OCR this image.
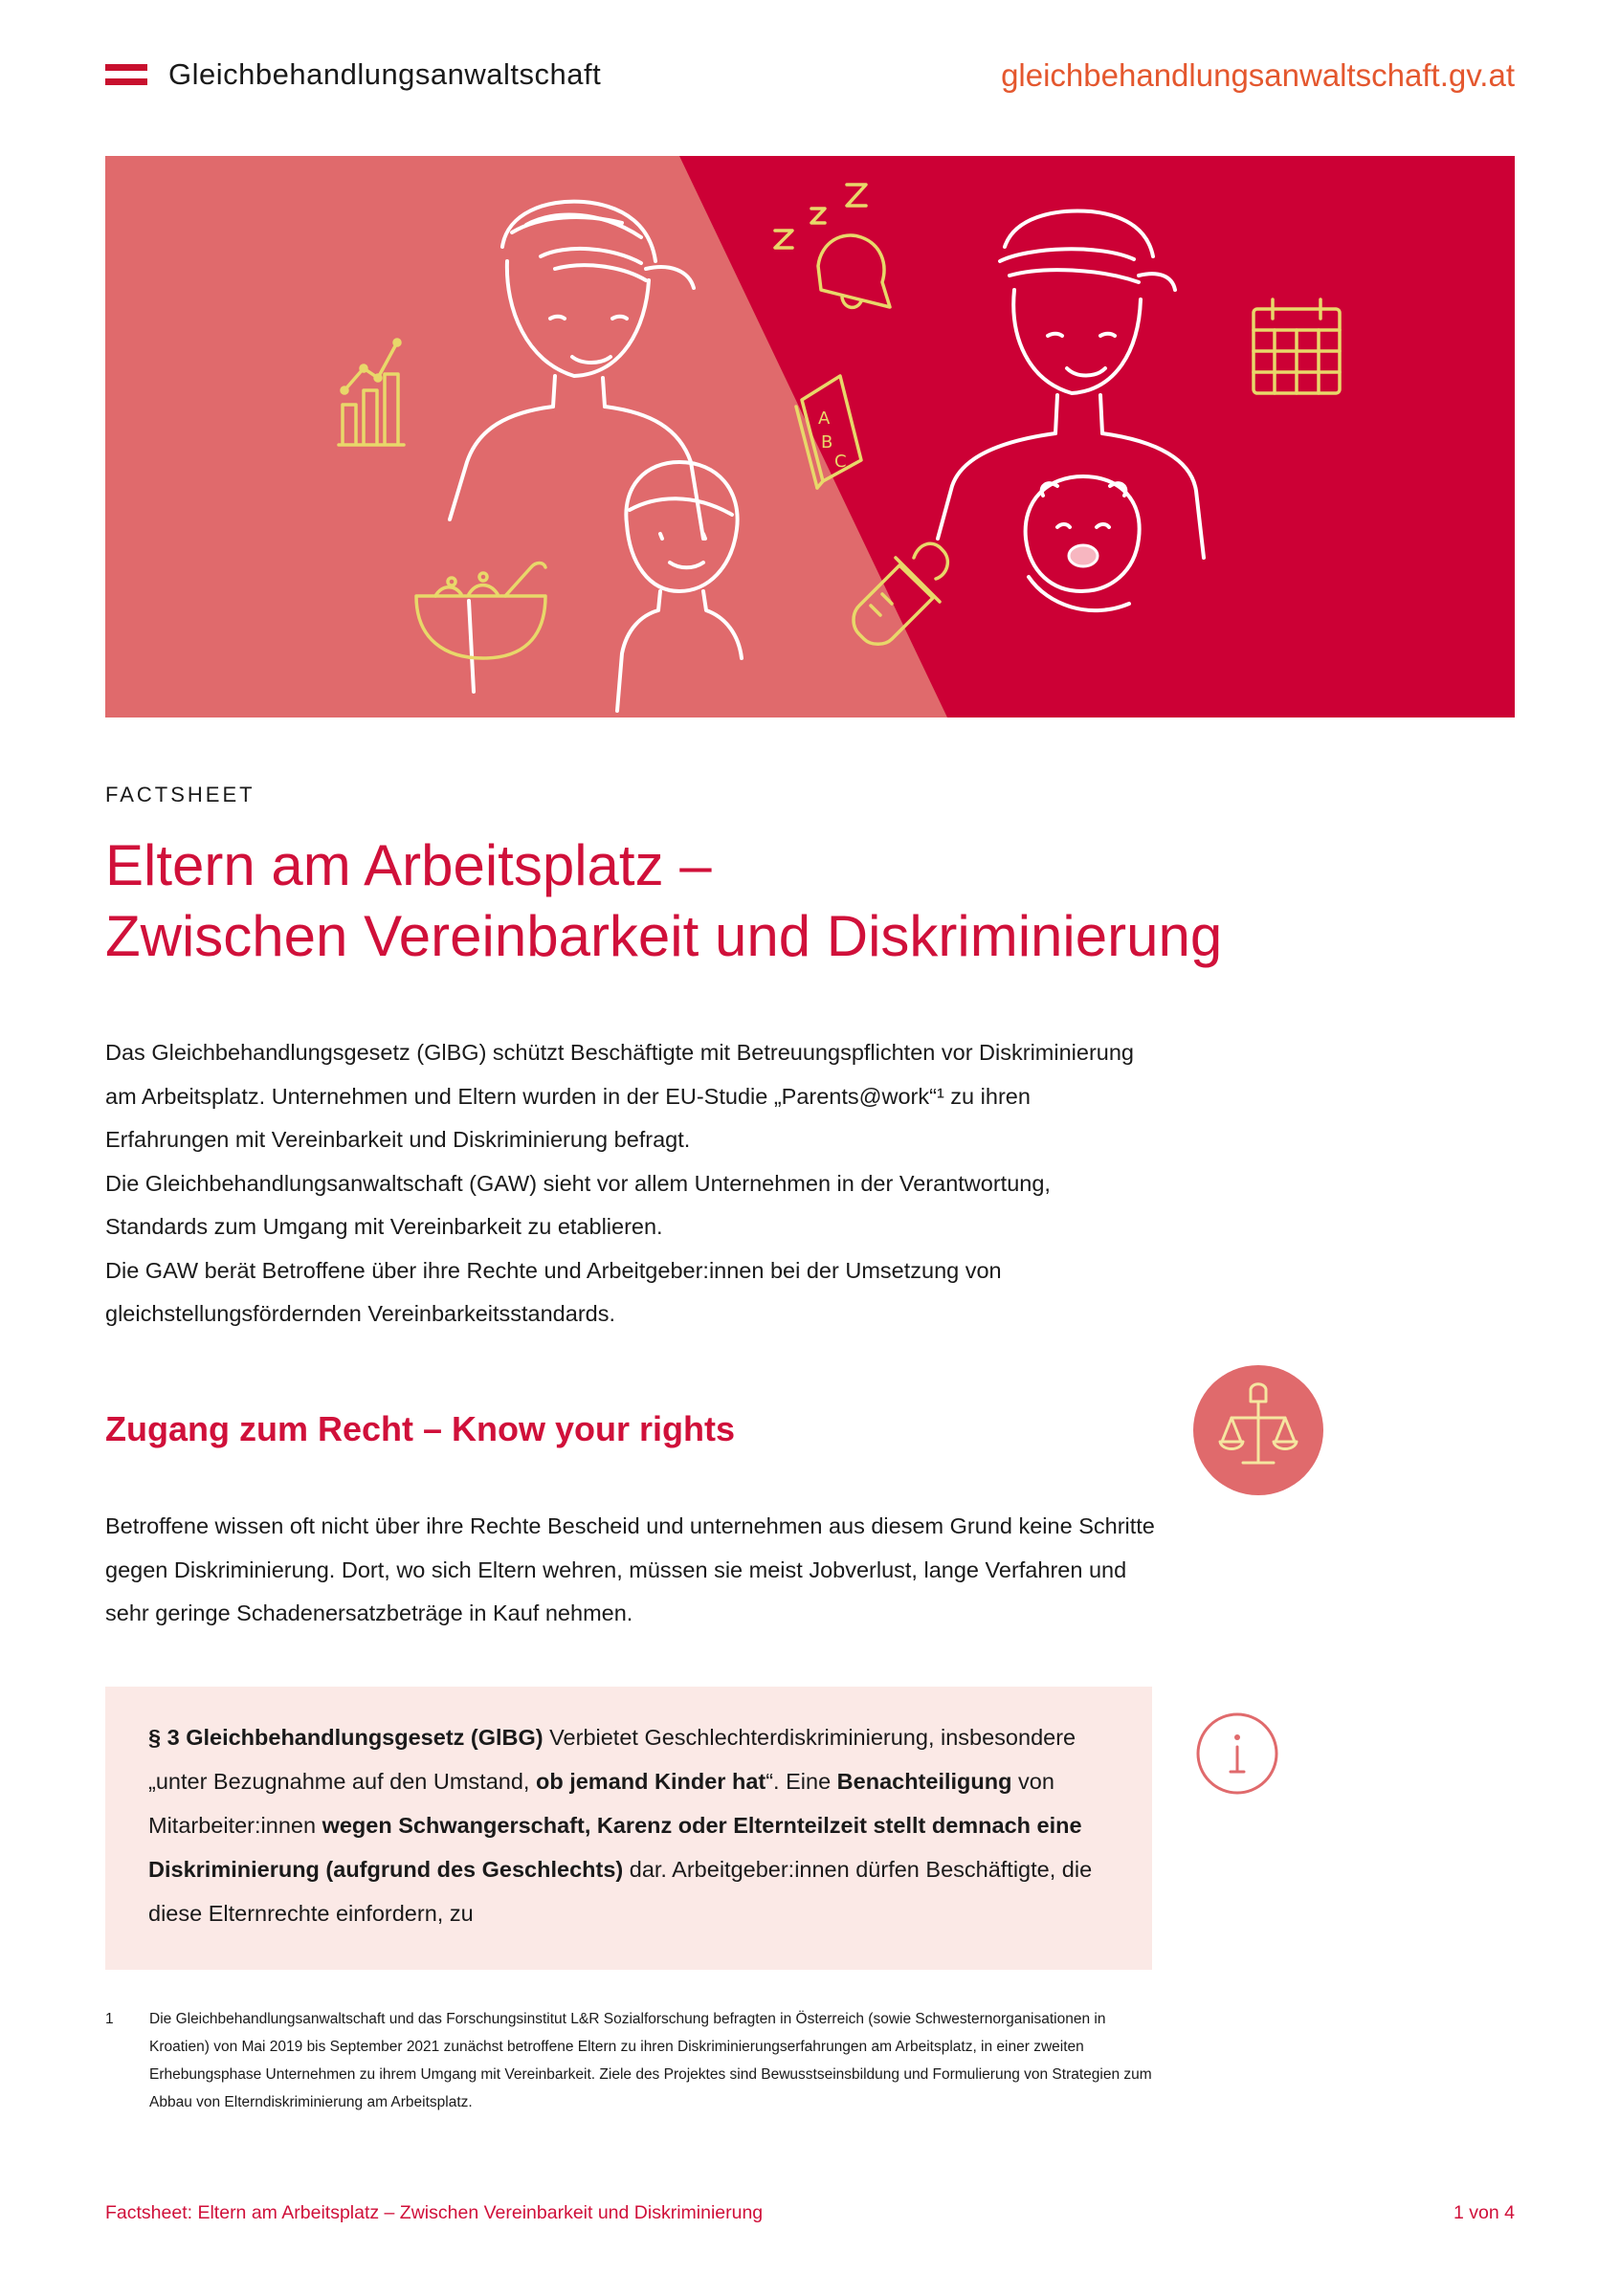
Gleichbehandlungsanwaltschaft	gleichbehandlungsanwaltschaft.gv.at
A
B
C
FACTSHEET
Eltern am Arbeitsplatz –
Zwischen Vereinbarkeit und Diskriminierung

Das Gleichbehandlungsgesetz (GlBG) schützt Beschäftigte mit Betreuungspflichten vor Diskriminierung am Arbeitsplatz. Unternehmen und Eltern wurden in der EU-Studie „Parents@work“¹ zu ihren Erfahrungen mit Vereinbarkeit und Diskriminierung befragt.

Die Gleichbehandlungsanwaltschaft (GAW) sieht vor allem Unternehmen in der Verantwortung, Standards zum Umgang mit Vereinbarkeit zu etablieren.

Die GAW berät Betroffene über ihre Rechte und Arbeitgeber:innen bei der Umsetzung von gleichstellungsfördernden Vereinbarkeitsstandards.

Zugang zum Recht – Know your rights

Betroffene wissen oft nicht über ihre Rechte Bescheid und unternehmen aus diesem Grund keine Schritte gegen Diskriminierung. Dort, wo sich Eltern wehren, müssen sie meist Jobverlust, lange Verfahren und sehr geringe Schadenersatzbeträge in Kauf nehmen.

§ 3 Gleichbehandlungsgesetz (GlBG) Verbietet Geschlechterdiskriminierung, insbesondere „unter Bezugnahme auf den Umstand, ob jemand Kinder hat“. Eine Benachteiligung von Mitarbeiter:innen wegen Schwangerschaft, Karenz oder Elternteilzeit stellt demnach eine Diskriminierung (aufgrund des Geschlechts) dar. Arbeitgeber:innen dürfen Beschäftigte, die diese Elternrechte einfordern, zu

1	Die Gleichbehandlungsanwaltschaft und das Forschungsinstitut L&R Sozialforschung befragten in Österreich (sowie Schwesternorganisationen in Kroatien) von Mai 2019 bis September 2021 zunächst betroffene Eltern zu ihren Diskriminierungserfahrungen am Arbeitsplatz, in einer zweiten Erhebungsphase Unternehmen zu ihrem Umgang mit Vereinbarkeit. Ziele des Projektes sind Bewusstseinsbildung und Formulierung von Strategien zum Abbau von Elterndiskriminierung am Arbeitsplatz.
Factsheet: Eltern am Arbeitsplatz – Zwischen Vereinbarkeit und Diskriminierung	1 von 4
